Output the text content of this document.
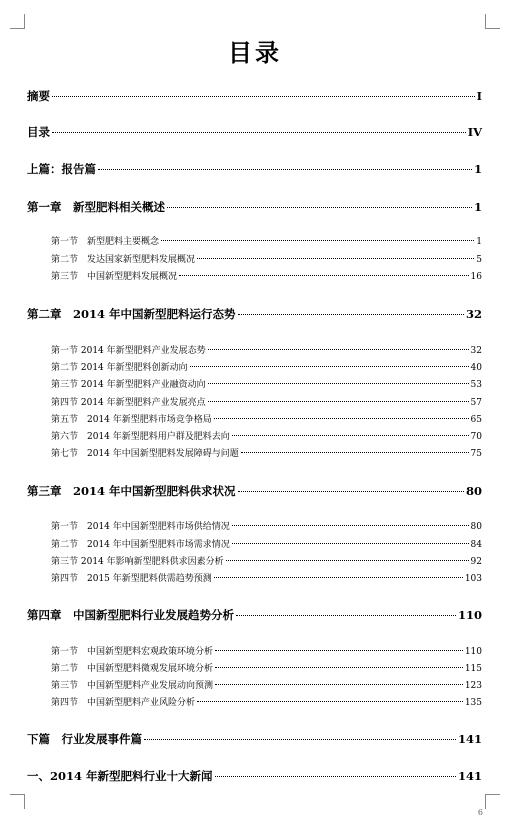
目录
摘要	I
目录	IV
上篇：报告篇	1
第一章　新型肥料相关概述	1
第一节　新型肥料主要概念	1
第二节　发达国家新型肥料发展概况	5
第三节　中国新型肥料发展概况	16
第二章　2014 年中国新型肥料运行态势	32
第一节 2014 年新型肥料产业发展态势	32
第二节 2014 年新型肥料创新动向	40
第三节 2014 年新型肥料产业融资动向	53
第四节 2014 年新型肥料产业发展亮点	57
第五节　2014 年新型肥料市场竞争格局	65
第六节　2014 年新型肥料用户群及肥料去向	70
第七节　2014 年中国新型肥料发展障碍与问题	75
第三章　2014 年中国新型肥料供求状况	80
第一节　2014 年中国新型肥料市场供给情况	80
第二节　2014 年中国新型肥料市场需求情况	84
第三节 2014 年影响新型肥料供求因素分析	92
第四节　2015 年新型肥料供需趋势预测	103
第四章　中国新型肥料行业发展趋势分析	110
第一节　中国新型肥料宏观政策环境分析	110
第二节　中国新型肥料微观发展环境分析	115
第三节　中国新型肥料产业发展动向预测	123
第四节　中国新型肥料产业风险分析	135
下篇　行业发展事件篇	141
一、2014 年新型肥料行业十大新闻	141
6
